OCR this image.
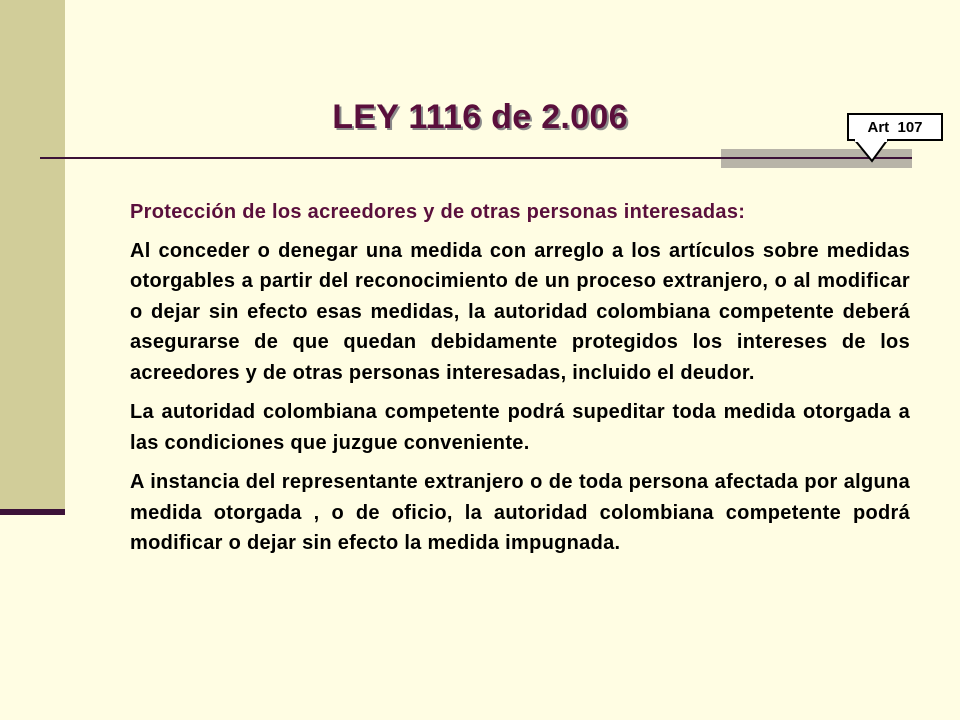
LEY 1116 de 2.006	Art  107
Protección de los acreedores y de otras personas interesadas:
Al conceder o denegar una medida con arreglo a los artículos sobre medidas otorgables a partir del reconocimiento de un proceso extranjero, o al modificar o dejar sin efecto esas medidas, la autoridad colombiana competente deberá asegurarse de que quedan debidamente protegidos los intereses de los acreedores y de otras personas interesadas, incluido el deudor.
La autoridad colombiana competente podrá supeditar toda medida otorgada a las condiciones que juzgue conveniente.
A instancia del representante extranjero o de toda persona afectada por alguna medida otorgada , o de oficio, la autoridad colombiana competente podrá modificar o dejar sin efecto la medida impugnada.
